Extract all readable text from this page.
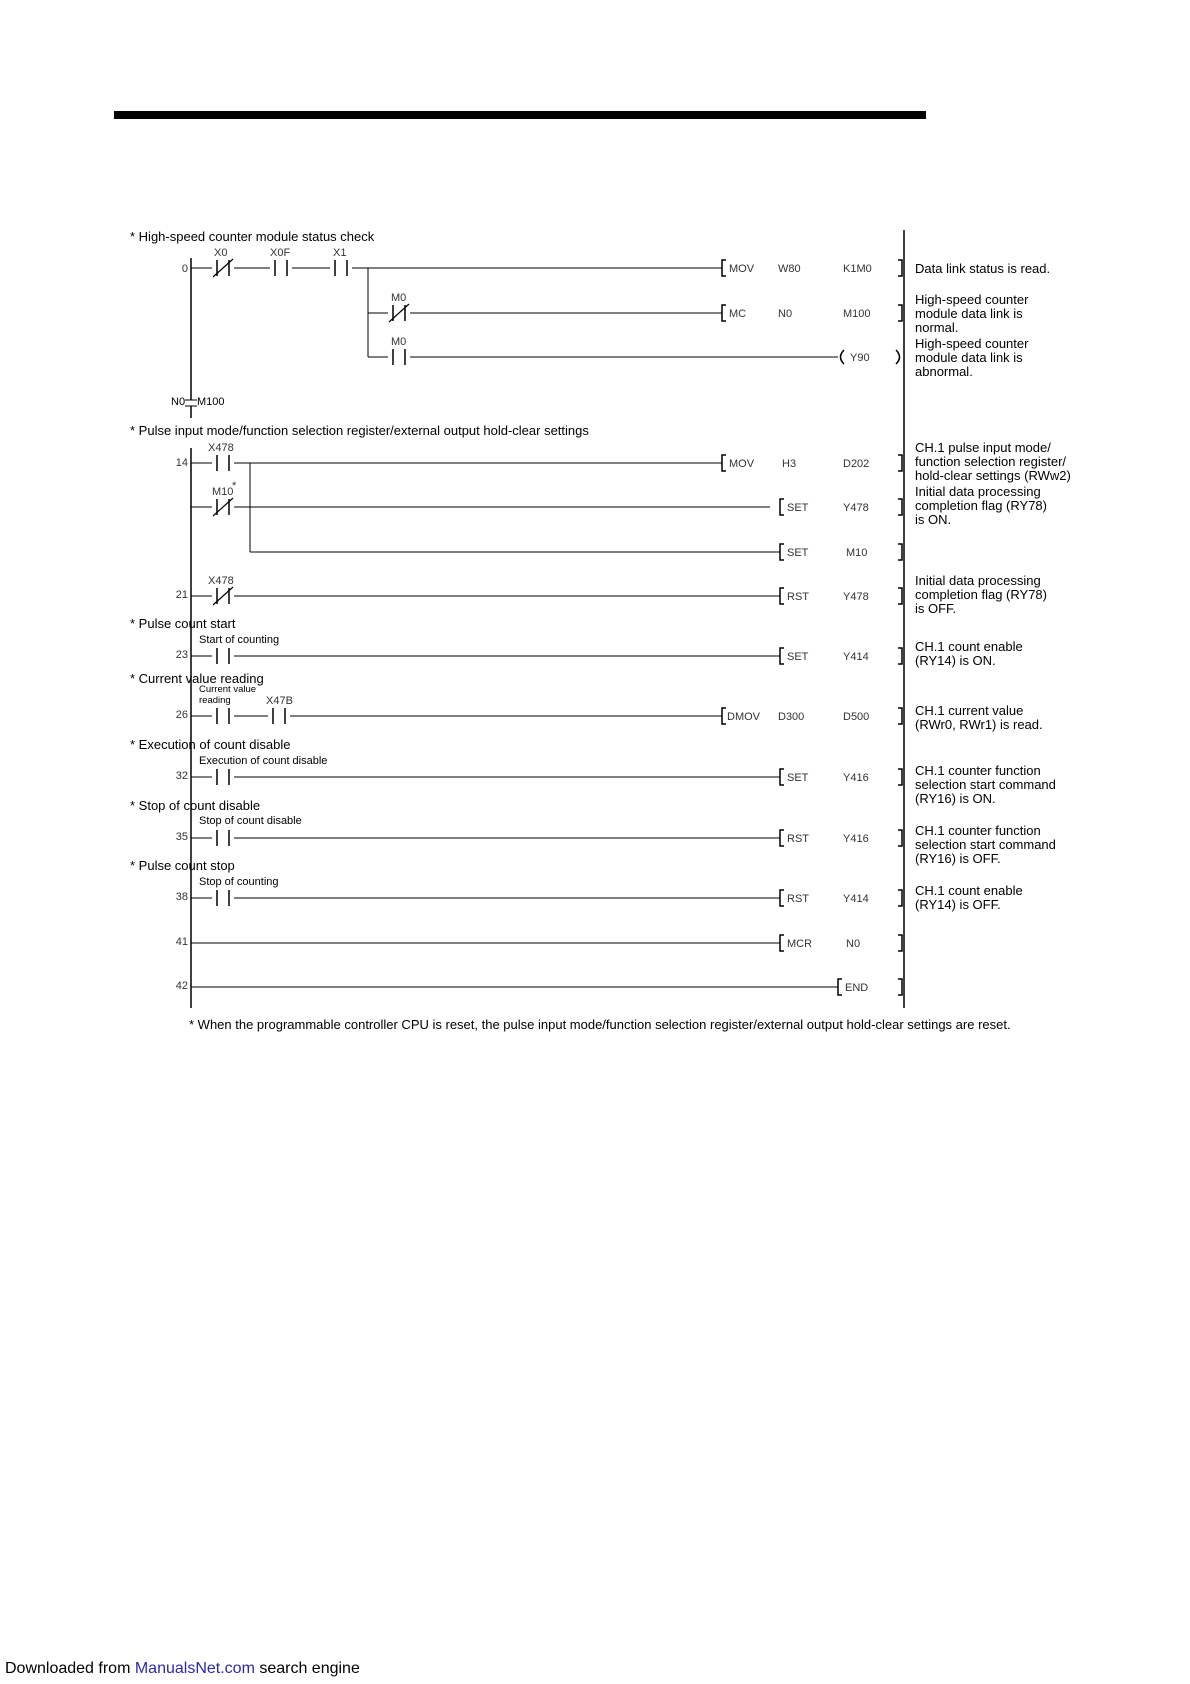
N0 M100
* High-speed counter module status check
* Pulse input mode/function selection register/external output hold-clear settings
* Pulse count start
* Current value reading
* Execution of count disable
* Stop of count disable
* Pulse count stop
0
14
21
23
26
32
35
38
41
42
X0	X0F	X1
M0
M0
X478
M10
*
X478
X47B
Start of counting
Current value
reading
Execution of count disable
Stop of count disable
Stop of counting
MOV W80	K1M0
MC	N0	M100
Y90
MOV	H3	D202
SET	Y478
SET	M10
RST	Y478
SET	Y414
DMOV D300	D500
SET	Y416
RST	Y416
RST	Y414
MCR	N0
END
Data link status is read.
High-speed counter
module data link is
normal.
High-speed counter
module data link is
abnormal.
CH.1 pulse input mode/
function selection register/
hold-clear settings (RWw2)
Initial data processing
completion flag (RY78)
is ON.
Initial data processing
completion flag (RY78)
is OFF.
CH.1 count enable
(RY14) is ON.
CH.1 current value
(RWr0, RWr1) is read.
CH.1 counter function
selection start command
(RY16) is ON.
CH.1 counter function
selection start command
(RY16) is OFF.
CH.1 count enable
(RY14) is OFF.
* When the programmable controller CPU is reset, the pulse input mode/function selection register/external output hold-clear settings are reset.
Downloaded from ManualsNet.com search engine
